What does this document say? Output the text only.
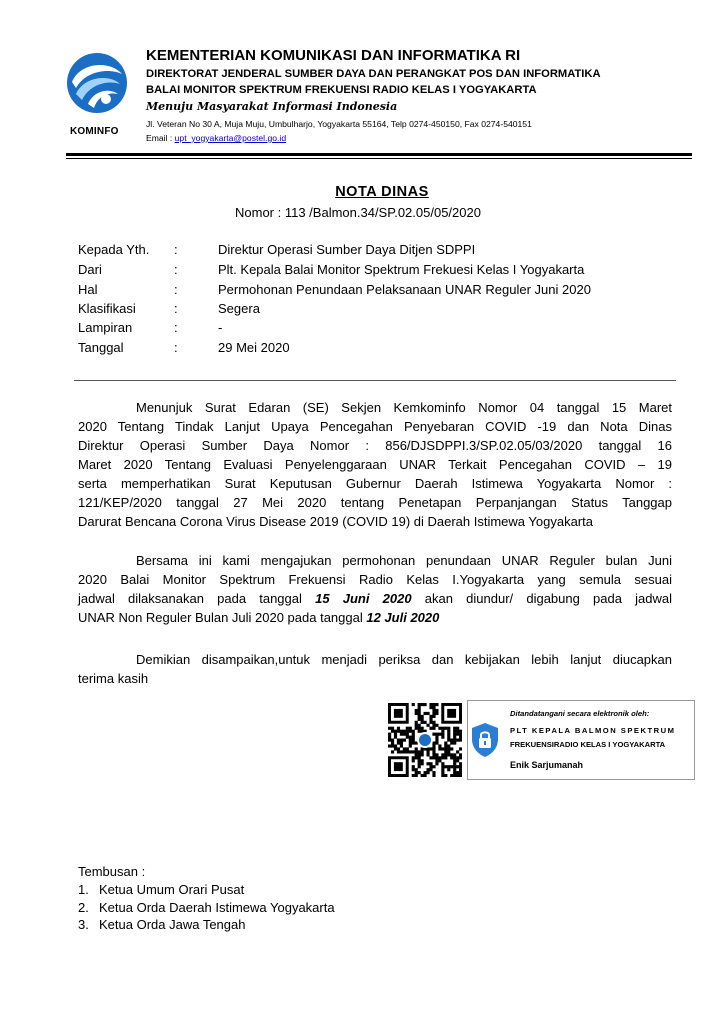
KOMINFO
KEMENTERIAN KOMUNIKASI DAN INFORMATIKA RI
DIREKTORAT JENDERAL SUMBER DAYA DAN PERANGKAT POS DAN INFORMATIKA
BALAI MONITOR SPEKTRUM FREKUENSI RADIO KELAS I YOGYAKARTA
Menuju Masyarakat Informasi Indonesia
Jl. Veteran No 30 A, Muja Muju, Umbulharjo, Yogyakarta 55164, Telp 0274-450150, Fax 0274-540151
Email : upt_yogyakarta@postel.go.id
NOTA DINAS
Nomor : 113 /Balmon.34/SP.02.05/05/2020
Kepada Yth. :	Direktur Operasi Sumber Daya Ditjen SDPPI
Dari	:	Plt. Kepala Balai Monitor Spektrum Frekuesi Kelas I Yogyakarta
Hal	:	Permohonan Penundaan Pelaksanaan UNAR Reguler Juni 2020
Klasifikasi	:	Segera
Lampiran	:	-
Tanggal	:	29 Mei 2020
Menunjuk Surat Edaran (SE) Sekjen Kemkominfo Nomor 04 tanggal 15 Maret
2020 Tentang Tindak Lanjut Upaya Pencegahan Penyebaran COVID -19 dan Nota Dinas
Direktur Operasi Sumber Daya Nomor : 856/DJSDPPI.3/SP.02.05/03/2020 tanggal 16
Maret 2020 Tentang Evaluasi Penyelenggaraan UNAR Terkait Pencegahan COVID – 19
serta memperhatikan Surat Keputusan Gubernur Daerah Istimewa Yogyakarta Nomor :
121/KEP/2020 tanggal 27 Mei 2020 tentang Penetapan Perpanjangan Status Tanggap
Darurat Bencana Corona Virus Disease 2019 (COVID 19) di Daerah Istimewa Yogyakarta
Bersama ini kami mengajukan permohonan penundaan UNAR Reguler bulan Juni
2020 Balai Monitor Spektrum Frekuensi Radio Kelas I.Yogyakarta yang semula sesuai
jadwal dilaksanakan pada tanggal 15 Juni 2020 akan diundur/ digabung pada jadwal
UNAR Non Reguler Bulan Juli 2020 pada tanggal 12 Juli 2020
Demikian disampaikan,untuk menjadi periksa dan kebijakan lebih lanjut diucapkan
terima kasih
Ditandatangani secara elektronik oleh:
PLT KEPALA BALMON SPEKTRUM
FREKUENSIRADIO KELAS I YOGYAKARTA
Enik Sarjumanah
Tembusan :
1. Ketua Umum Orari Pusat
2. Ketua Orda Daerah Istimewa Yogyakarta
3. Ketua Orda Jawa Tengah
